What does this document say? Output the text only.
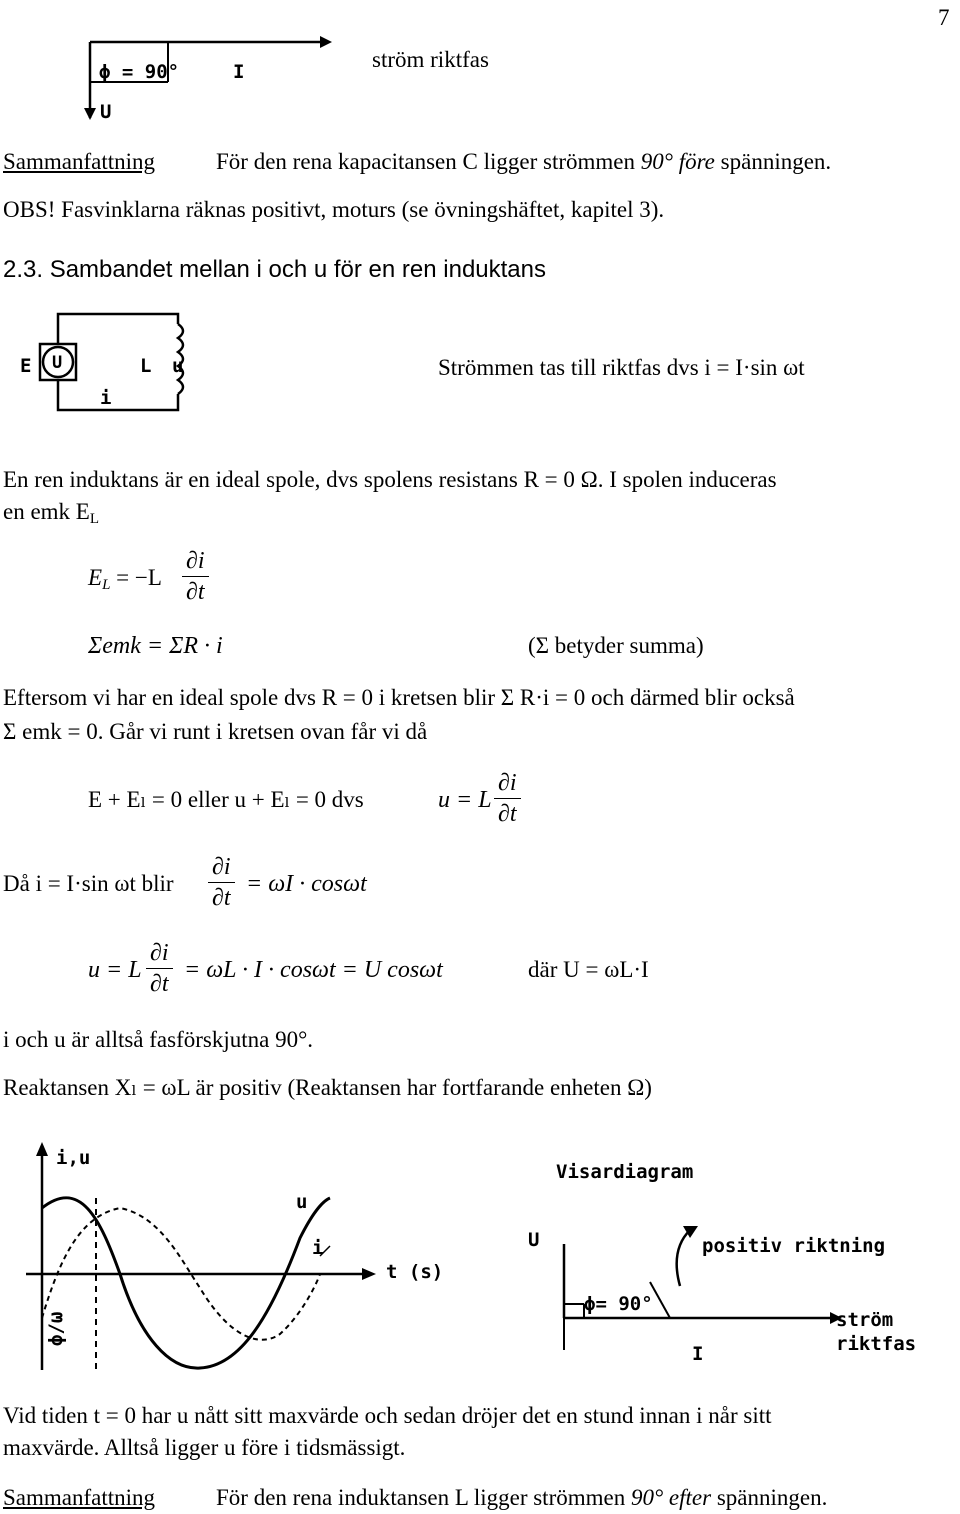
7
ϕ = 90°	I
U
ström riktfas
Sammanfattning	För den rena kapacitansen C ligger strömmen 90° före spänningen.
OBS! Fasvinklarna räknas positivt, moturs (se övningshäftet, kapitel 3).
2.3. Sambandet mellan i och u för en ren induktans
E U	L u
i
Strömmen tas till riktfas dvs i = I·sin ωt
En ren induktans är en ideal spole, dvs spolens resistans R = 0 Ω. I spolen induceras
en emk $E_L$
$E_L = -L \frac{\partial i}{\partial t}$
Σemk = ΣR · i	(Σ betyder summa)
Eftersom vi har en ideal spole dvs R = 0 i kretsen blir Σ R·i = 0 och därmed blir också
Σ emk = 0. Går vi runt i kretsen ovan får vi då
E + Eₗ = 0 eller u + Eₗ = 0 dvs	u = L $\frac{\partial i}{\partial t}$
Då i = I·sin ωt blir $\frac{\partial i}{\partial t} = \omega I \cdot \cos\omega t$
u = L $\frac{\partial i}{\partial t} = \omega L \cdot I \cdot \cos\omega t = U$ cosωt	där U = ωL·I
i och u är alltså fasförskjutna 90°.
Reaktansen Xₗ = ωL är positiv (Reaktansen har fortfarande enheten Ω)
i,u
u
i
t (s)
ϕ/ω
Visardiagram
U	positiv riktning
ϕ= 90°
ström
riktfas
I
Vid tiden t = 0 har u nått sitt maxvärde och sedan dröjer det en stund innan i når sitt
maxvärde. Alltså ligger u före i tidsmässigt.
Sammanfattning	För den rena induktansen L ligger strömmen 90° efter spänningen.
